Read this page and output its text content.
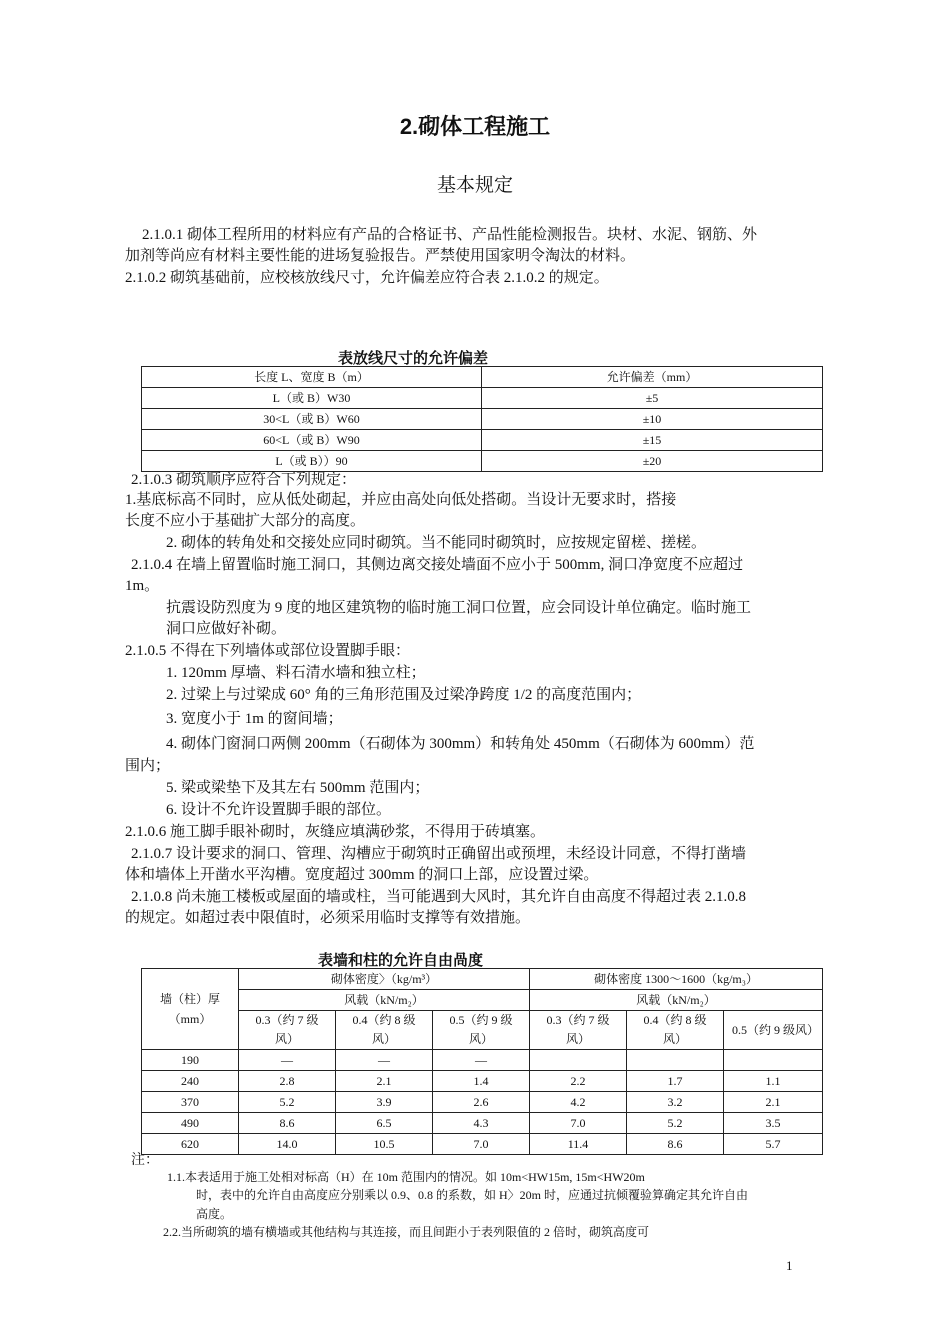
2.砌体工程施工
基本规定
2.1.0.1 砌体工程所用的材料应有产品的合格证书、产品性能检测报告。块材、水泥、钢筋、外
加剂等尚应有材料主要性能的进场复验报告。严禁使用国家明令淘汰的材料。
2.1.0.2 砌筑基础前，应校核放线尺寸，允许偏差应符合表 2.1.0.2 的规定。
表放线尺寸的允许偏差
长度 L、宽度 B（m）	允许偏差（mm）
L（或 B）W30	±5
30<L（或 B）W60	±10
60<L（或 B）W90	±15
L（或 B））90	±20
2.1.0.3 砌筑顺序应符合下列规定：
1.基底标高不同时，应从低处砌起，并应由高处向低处搭砌。当设计无要求时，搭接
长度不应小于基础扩大部分的高度。
2. 砌体的转角处和交接处应同时砌筑。当不能同时砌筑时，应按规定留槎、搓槎。
2.1.0.4 在墙上留置临时施工洞口，其侧边离交接处墙面不应小于 500mm, 洞口净宽度不应超过
1m。
抗震设防烈度为 9 度的地区建筑物的临时施工洞口位置，应会同设计单位确定。临时施工
洞口应做好补砌。
2.1.0.5 不得在下列墙体或部位设置脚手眼：
1. 120mm 厚墙、料石清水墙和独立柱；
2. 过梁上与过梁成 60° 角的三角形范围及过梁净跨度 1/2 的高度范围内；
3. 宽度小于 1m 的窗间墙；
4. 砌体门窗洞口两侧 200mm（石砌体为 300mm）和转角处 450mm（石砌体为 600mm）范
围内；
5. 梁或梁垫下及其左右 500mm 范围内；
6. 设计不允许设置脚手眼的部位。
2.1.0.6 施工脚手眼补砌时，灰缝应填满砂浆，不得用于砖填塞。
2.1.0.7 设计要求的洞口、管理、沟槽应于砌筑时正确留出或预埋，未经设计同意，不得打凿墙
体和墙体上开凿水平沟槽。宽度超过 300mm 的洞口上部，应设置过梁。
2.1.0.8 尚未施工楼板或屋面的墙或柱，当可能遇到大风时，其允许自由高度不得超过表 2.1.0.8
的规定。如超过表中限值时，必须采用临时支撑等有效措施。
表墙和柱的允许自由咼度
墙（柱）厚（mm）	砌体密度〉（kg/m³）			砌体密度 1300〜1600（kg/m₃）		
	风载（kN/m₂）			风载（kN/m₂）		
	0.3（约 7 级风）	0.4（约 8 级风）	0.5（约 9 级风）	0.3（约 7 级风）	0.4（约 8 级风）	0.5（约 9 级风）
190	—	—	—			
240	2.8	2.1	1.4	2.2	1.7	1.1
370	5.2	3.9	2.6	4.2	3.2	2.1
490	8.6	6.5	4.3	7.0	5.2	3.5
620	14.0	10.5	7.0	11.4	8.6	5.7
注：
1.1.本表适用于施工处相对标高（H）在 10m 范围内的情况。如 10m<HW15m, 15m<HW20m
时，表中的允许自由高度应分别乘以 0.9、0.8 的系数，如 H〉20m 时，应通过抗倾覆验算确定其允许自由
高度。
2.2.当所砌筑的墙有横墙或其他结构与其连接，而且间距小于表列限值的 2 倍时，砌筑高度可
1
